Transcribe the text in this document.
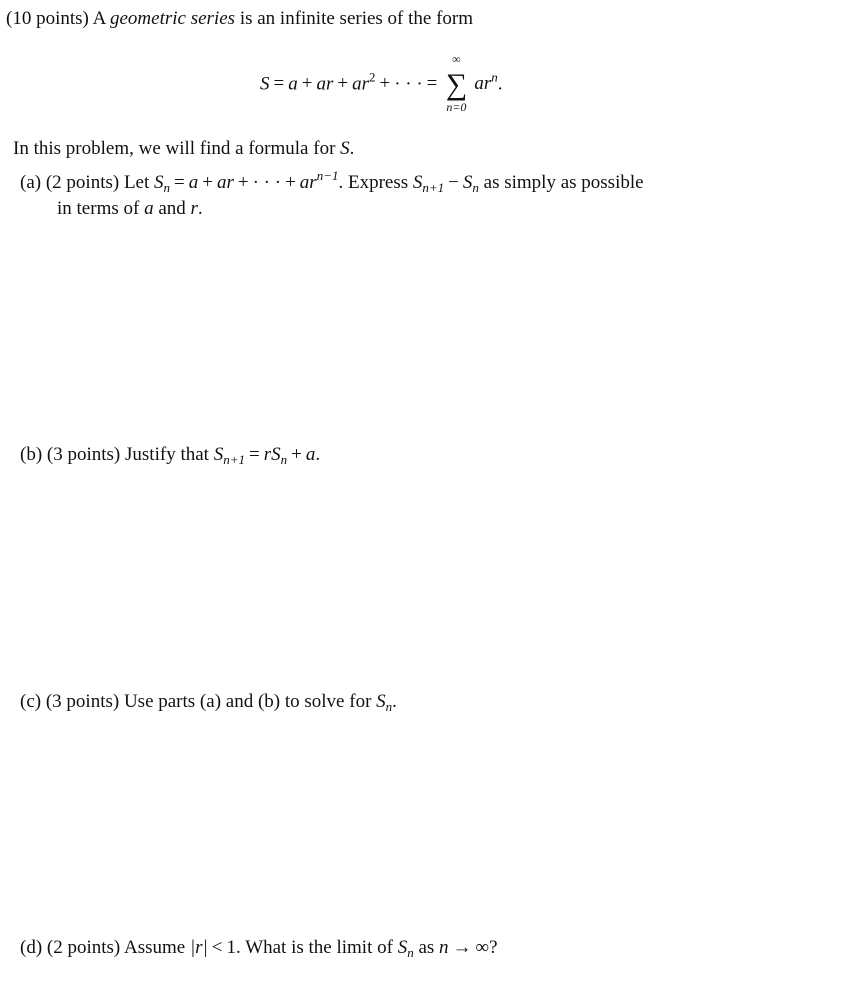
(10 points) A geometric series is an infinite series of the form
S = a + ar + $ar^2$ + · · · =
∞
∑
n=0
$ar^n$.
In this problem, we will find a formula for S.
(a) (2 points) Let $S_n = a$ + ar + · · · + $ar^{n-1}$. Express $S_{n+1} - S_n$ as simply as possible
in terms of a and r.
(b) (3 points) Justify that $S_{n+1} = rS_n + a$.
(c) (3 points) Use parts (a) and (b) to solve for $S_n$.
(d) (2 points) Assume |r| < 1. What is the limit of $S_n$ as n → ∞?
